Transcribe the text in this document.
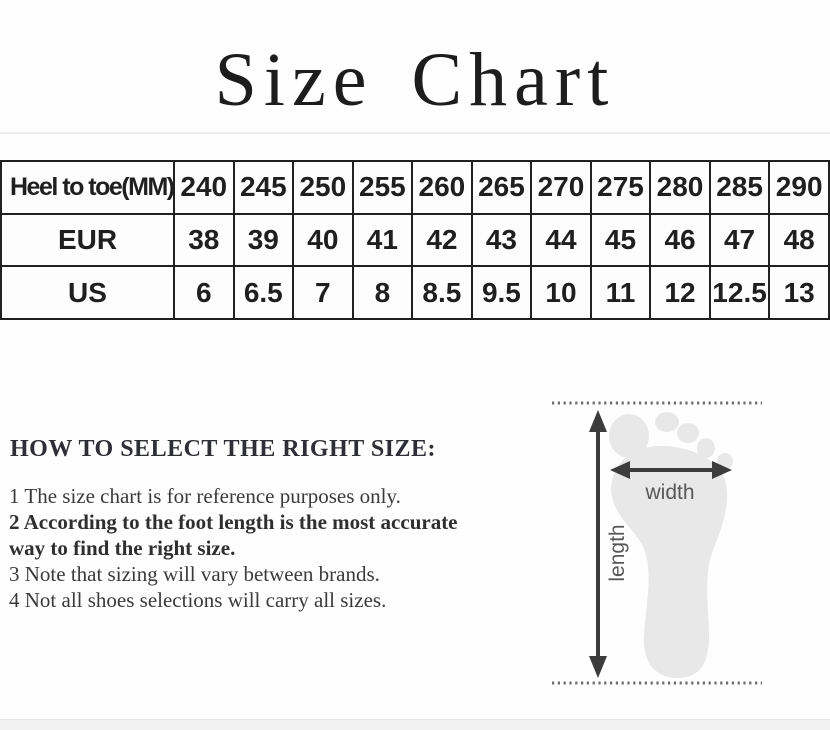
Size Chart
Heel to toe(MM)	240	245	250	255	260	265	270	275	280	285	290
EUR	38	39	40	41	42	43	44	45	46	47	48
US	6	6.5	7	8	8.5	9.5	10	11	12	12.5	13
HOW TO SELECT THE RIGHT SIZE:
1 The size chart is for reference purposes only.
2 According to the foot length is the most accurate way to find the right size.
3 Note that sizing will vary between brands.
4 Not all shoes selections will carry all sizes.
width
length
